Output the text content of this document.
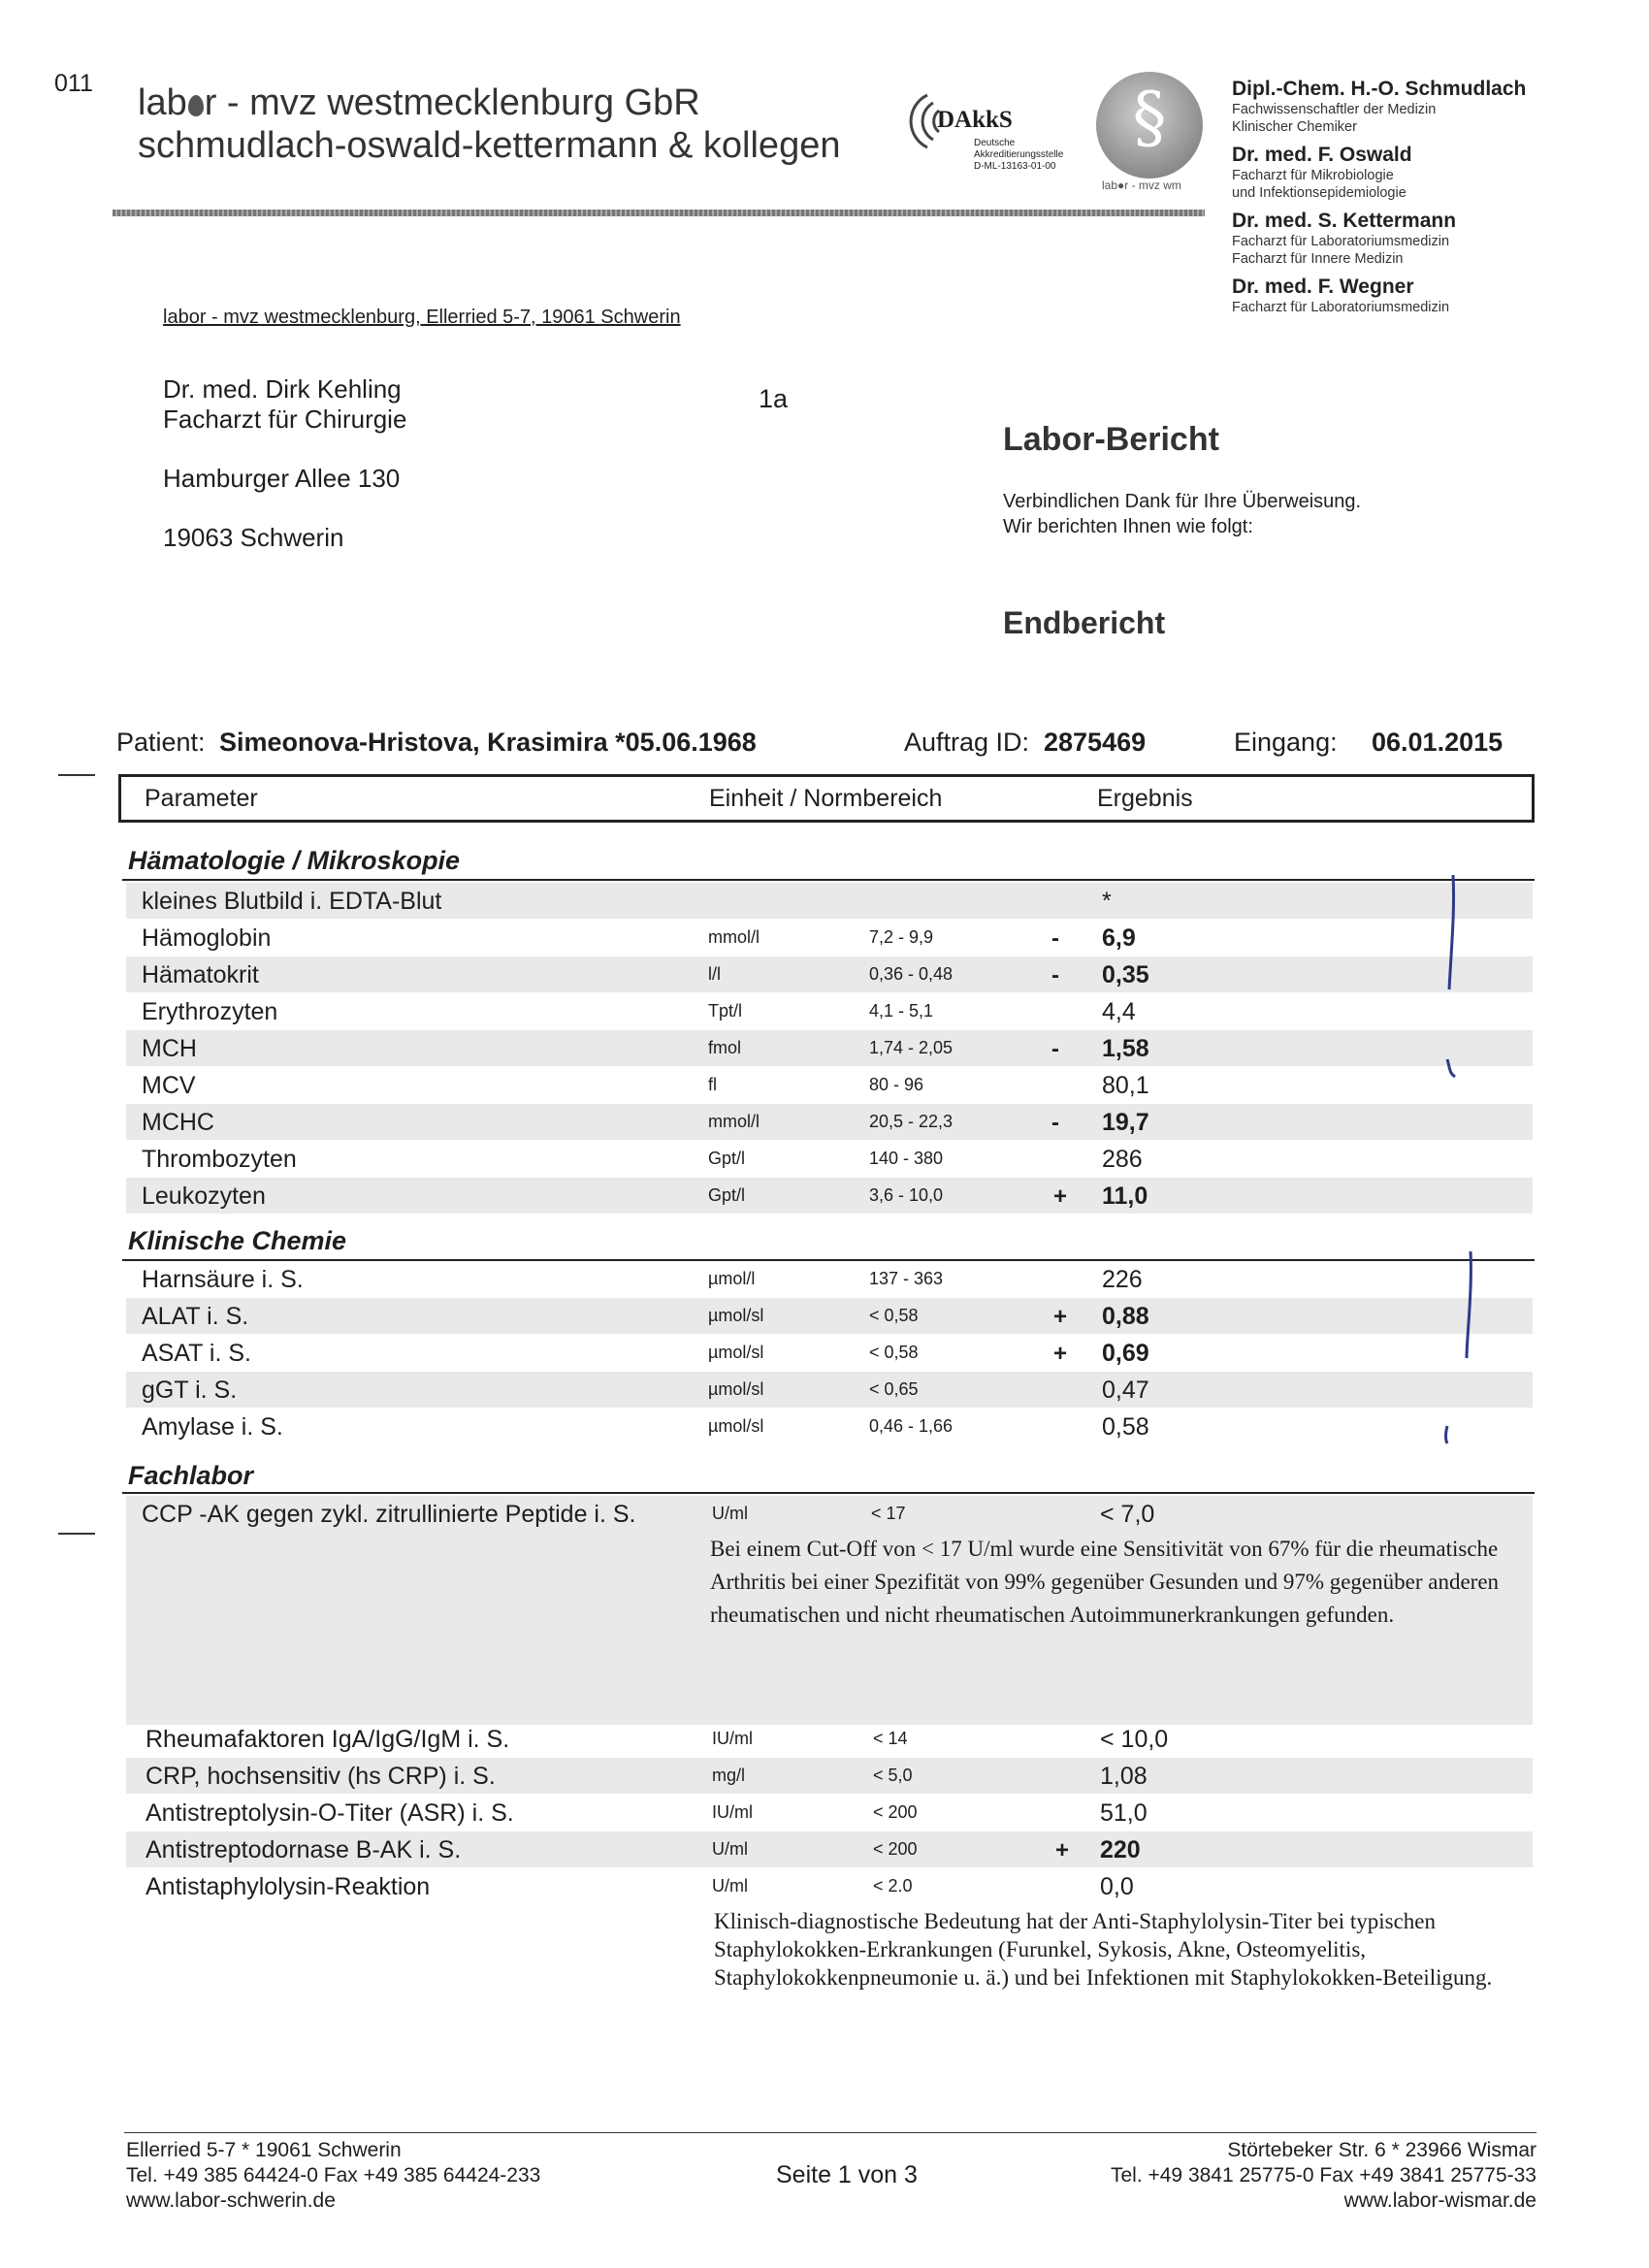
011 lab r - mvz westmecklenburg GbR
schmudlach-oswald-kettermann & kollegen
DAkkS
Deutsche
Akkreditierungsstelle
D-ML-13163-01-00
§
lab●r - mvz wm
Dipl.-Chem. H.-O. Schmudlach
Fachwissenschaftler der Medizin
Klinischer Chemiker
Dr. med. F. Oswald
Facharzt für Mikrobiologie
und Infektionsepidemiologie
Dr. med. S. Kettermann
Facharzt für Laboratoriumsmedizin
Facharzt für Innere Medizin
Dr. med. F. Wegner
Facharzt für Laboratoriumsmedizin
labor - mvz westmecklenburg, Ellerried 5-7, 19061 Schwerin
Dr. med. Dirk Kehling
Facharzt für Chirurgie
Hamburger Allee 130
19063 Schwerin
1a
Labor-Bericht
Verbindlichen Dank für Ihre Überweisung.
Wir berichten Ihnen wie folgt:
Endbericht
Patient: Simeonova-Hristova, Krasimira *05.06.1968	Auftrag ID: 2875469	Eingang: 06.01.2015
Parameter	Einheit / Normbereich	Ergebnis
Hämatologie / Mikroskopie
kleines Blutbild i. EDTA-Blut	*
Hämoglobin	mmol/l	7,2 - 9,9	- 6,9
Hämatokrit	l/l	0,36 - 0,48	- 0,35
Erythrozyten	Tpt/l	4,1 - 5,1	4,4
MCH	fmol	1,74 - 2,05	- 1,58
MCV	fl	80 - 96	80,1
MCHC	mmol/l	20,5 - 22,3	- 19,7
Thrombozyten	Gpt/l	140 - 380	286
Leukozyten	Gpt/l	3,6 - 10,0	+ 11,0
Klinische Chemie
Harnsäure i. S.	µmol/l	137 - 363	226
ALAT i. S.	µmol/sl	< 0,58	+ 0,88
ASAT i. S.	µmol/sl	< 0,58	+ 0,69
gGT i. S.	µmol/sl	< 0,65	0,47
Amylase i. S.	µmol/sl	0,46 - 1,66	0,58
Fachlabor
CCP -AK gegen zykl. zitrullinierte Peptide i. S.	U/ml	< 17	< 7,0
Bei einem Cut-Off von < 17 U/ml wurde eine Sensitivität von 67% für die rheumatische Arthritis bei einer Spezifität von 99% gegenüber Gesunden und 97% gegenüber anderen rheumatischen und nicht rheumatischen Autoimmunerkrankungen gefunden.
Rheumafaktoren IgA/IgG/IgM i. S.	IU/ml	< 14	< 10,0
CRP, hochsensitiv (hs CRP) i. S.	mg/l	< 5,0	1,08
Antistreptolysin-O-Titer (ASR) i. S.	IU/ml	< 200	51,0
Antistreptodornase B-AK i. S.	U/ml	< 200	+ 220
Antistaphylolysin-Reaktion	U/ml	< 2.0	0,0
Klinisch-diagnostische Bedeutung hat der Anti-Staphylolysin-Titer bei typischen Staphylokokken-Erkrankungen (Furunkel, Sykosis, Akne, Osteomyelitis, Staphylokokkenpneumonie u. ä.) und bei Infektionen mit Staphylokokken-Beteiligung.
Ellerried 5-7 * 19061 Schwerin
Tel. +49 385 64424-0 Fax +49 385 64424-233
www.labor-schwerin.de
Seite 1 von 3
Störtebeker Str. 6 * 23966 Wismar
Tel. +49 3841 25775-0 Fax +49 3841 25775-33
www.labor-wismar.de
